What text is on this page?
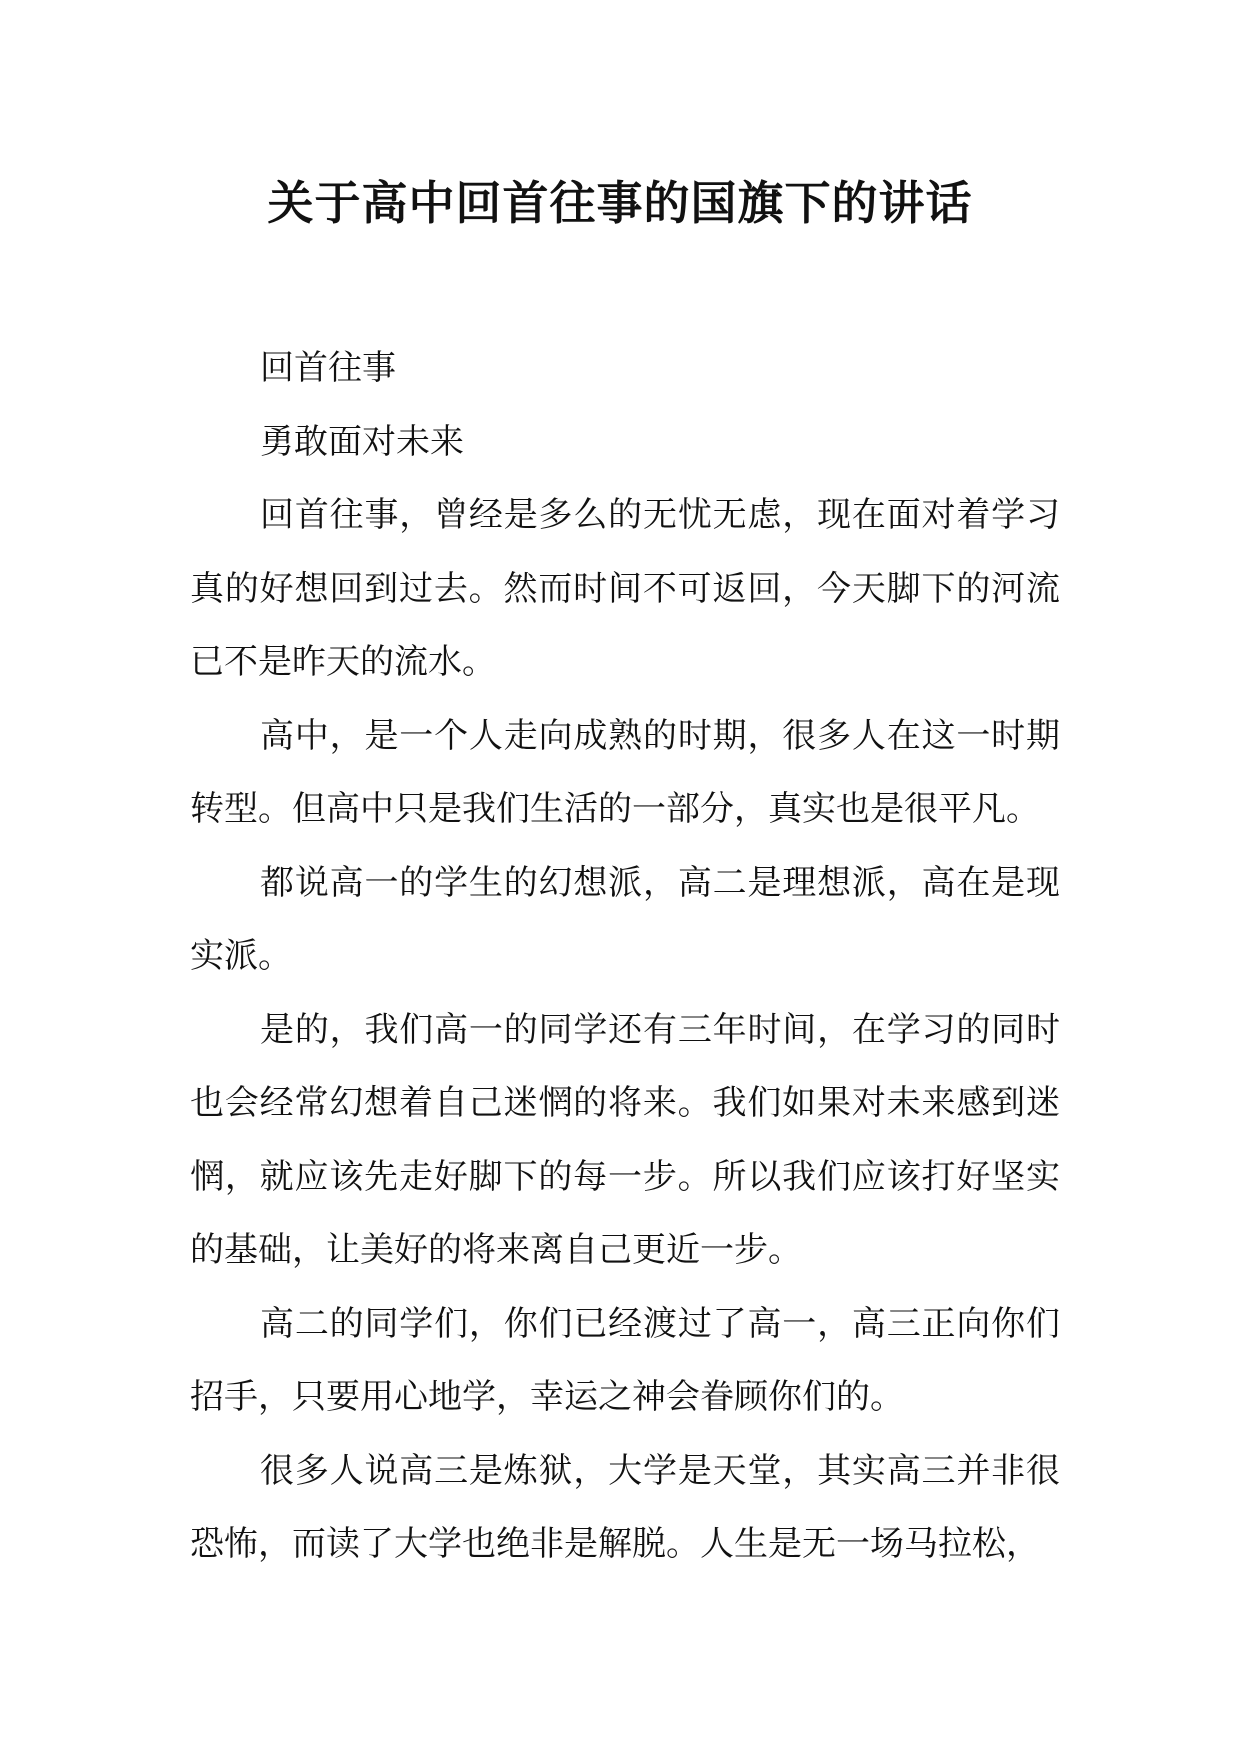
关于高中回首往事的国旗下的讲话

回首往事

勇敢面对未来

回首往事，曾经是多么的无忧无虑，现在面对着学习真的好想回到过去。然而时间不可返回，今天脚下的河流已不是昨天的流水。

高中，是一个人走向成熟的时期，很多人在这一时期转型。但高中只是我们生活的一部分，真实也是很平凡。

都说高一的学生的幻想派，高二是理想派，高在是现实派。

是的，我们高一的同学还有三年时间，在学习的同时也会经常幻想着自己迷惘的将来。我们如果对未来感到迷惘，就应该先走好脚下的每一步。所以我们应该打好坚实的基础，让美好的将来离自己更近一步。

高二的同学们，你们已经渡过了高一，高三正向你们招手，只要用心地学，幸运之神会眷顾你们的。

很多人说高三是炼狱，大学是天堂，其实高三并非很恐怖，而读了大学也绝非是解脱。人生是无一场马拉松，
